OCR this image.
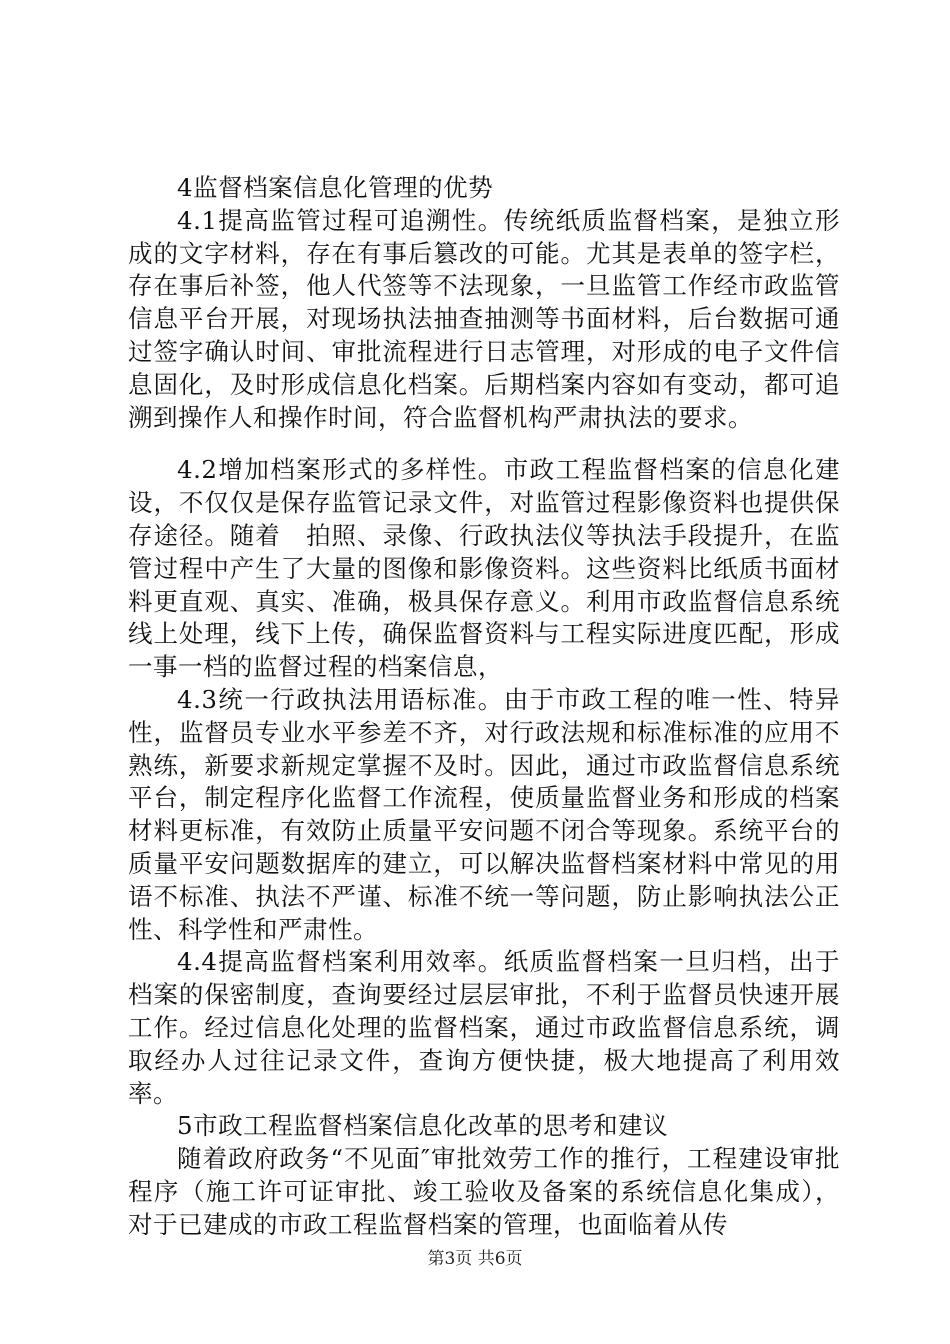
4监督档案信息化管理的优势

4.1提高监管过程可追溯性。传统纸质监督档案，是独立形成的文字材料，存在有事后篡改的可能。尤其是表单的签字栏，存在事后补签，他人代签等不法现象，一旦监管工作经市政监管信息平台开展，对现场执法抽查抽测等书面材料，后台数据可通过签字确认时间、审批流程进行日志管理，对形成的电子文件信息固化，及时形成信息化档案。后期档案内容如有变动，都可追溯到操作人和操作时间，符合监督机构严肃执法的要求。

4.2增加档案形式的多样性。市政工程监督档案的信息化建设，不仅仅是保存监管记录文件，对监管过程影像资料也提供保存途径。随着　拍照、录像、行政执法仪等执法手段提升，在监管过程中产生了大量的图像和影像资料。这些资料比纸质书面材料更直观、真实、准确，极具保存意义。利用市政监督信息系统线上处理，线下上传，确保监督资料与工程实际进度匹配，形成一事一档的监督过程的档案信息，

4.3统一行政执法用语标准。由于市政工程的唯一性、特异性，监督员专业水平参差不齐，对行政法规和标准标准的应用不熟练，新要求新规定掌握不及时。因此，通过市政监督信息系统平台，制定程序化监督工作流程，使质量监督业务和形成的档案材料更标准，有效防止质量平安问题不闭合等现象。系统平台的质量平安问题数据库的建立，可以解决监督档案材料中常见的用语不标准、执法不严谨、标准不统一等问题，防止影响执法公正性、科学性和严肃性。

4.4提高监督档案利用效率。纸质监督档案一旦归档，出于档案的保密制度，查询要经过层层审批，不利于监督员快速开展工作。经过信息化处理的监督档案，通过市政监督信息系统，调取经办人过往记录文件，查询方便快捷，极大地提高了利用效率。

5市政工程监督档案信息化改革的思考和建议

随着政府政务“不见面″审批效劳工作的推行，工程建设审批程序（施工许可证审批、竣工验收及备案的系统信息化集成），对于已建成的市政工程监督档案的管理，也面临着从传

第3页 共6页
